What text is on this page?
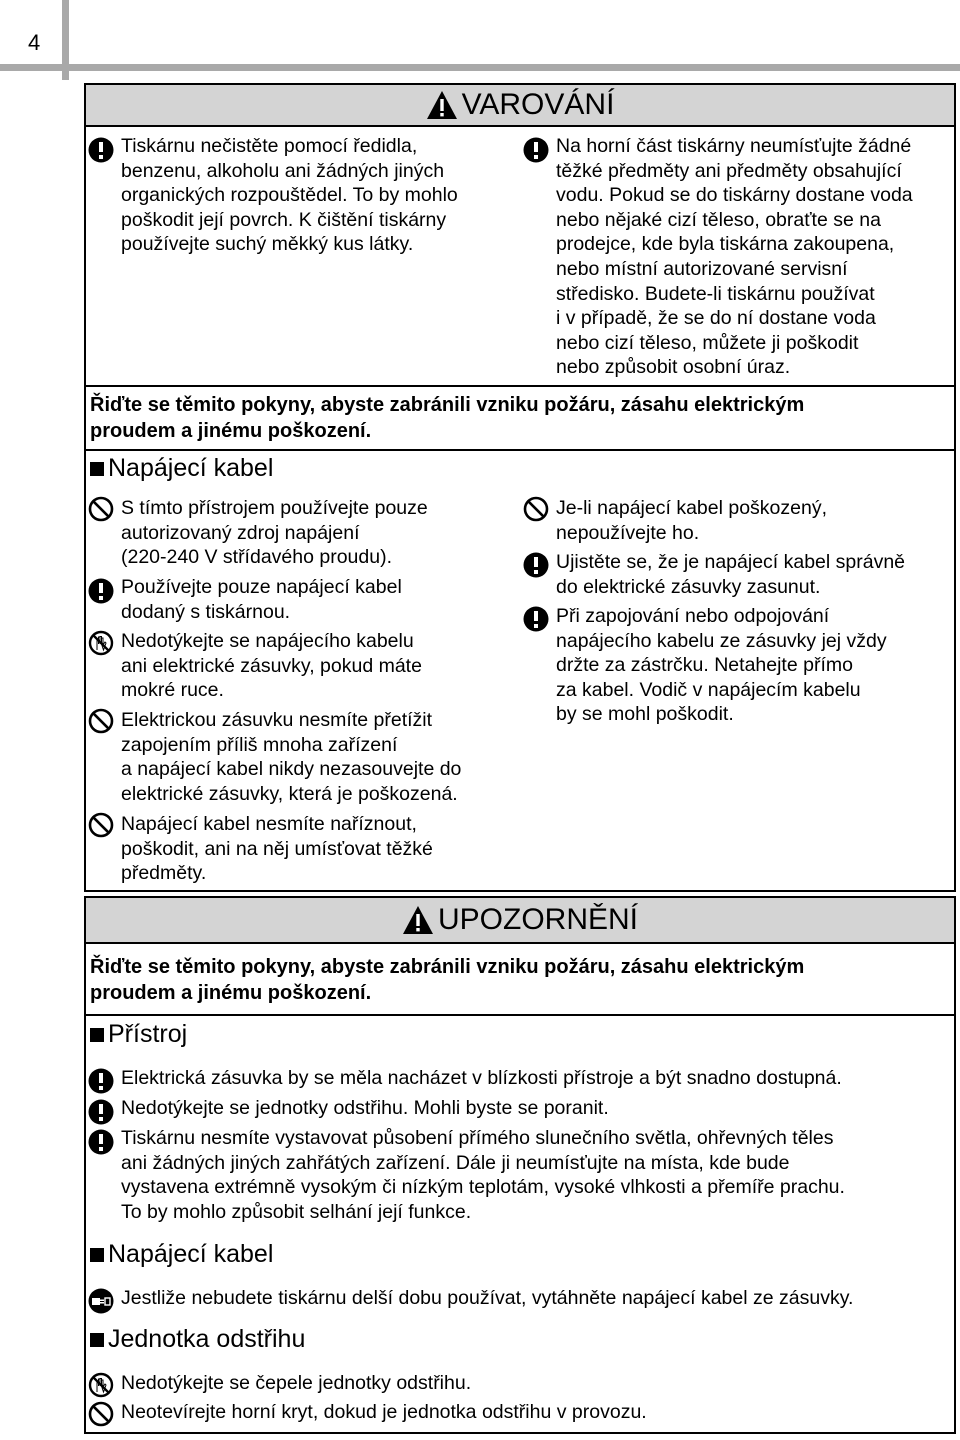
4
VAROVÁNÍ
Tiskárnu nečistěte pomocí ředidla,
benzenu, alkoholu ani žádných jiných
organických rozpouštědel. To by mohlo
poškodit její povrch. K čištění tiskárny
používejte suchý měkký kus látky.
Na horní část tiskárny neumísťujte žádné
těžké předměty ani předměty obsahující
vodu. Pokud se do tiskárny dostane voda
nebo nějaké cizí těleso, obraťte se na
prodejce, kde byla tiskárna zakoupena,
nebo místní autorizované servisní
středisko. Budete-li tiskárnu používat
i v případě, že se do ní dostane voda
nebo cizí těleso, můžete ji poškodit
nebo způsobit osobní úraz.
Řiďte se těmito pokyny, abyste zabránili vzniku požáru, zásahu elektrickým
proudem a jinému poškození.
Napájecí kabel
S tímto přístrojem používejte pouze
autorizovaný zdroj napájení
(220-240 V střídavého proudu).
Používejte pouze napájecí kabel
dodaný s tiskárnou.
Nedotýkejte se napájecího kabelu
ani elektrické zásuvky, pokud máte
mokré ruce.
Elektrickou zásuvku nesmíte přetížit
zapojením příliš mnoha zařízení
a napájecí kabel nikdy nezasouvejte do
elektrické zásuvky, která je poškozená.
Napájecí kabel nesmíte naříznout,
poškodit, ani na něj umísťovat těžké
předměty.
Je-li napájecí kabel poškozený,
nepoužívejte ho.
Ujistěte se, že je napájecí kabel správně
do elektrické zásuvky zasunut.
Při zapojování nebo odpojování
napájecího kabelu ze zásuvky jej vždy
držte za zástrčku. Netahejte přímo
za kabel. Vodič v napájecím kabelu
by se mohl poškodit.
UPOZORNĚNÍ
Řiďte se těmito pokyny, abyste zabránili vzniku požáru, zásahu elektrickým
proudem a jinému poškození.
Přístroj
Elektrická zásuvka by se měla nacházet v blízkosti přístroje a být snadno dostupná.
Nedotýkejte se jednotky odstřihu. Mohli byste se poranit.
Tiskárnu nesmíte vystavovat působení přímého slunečního světla, ohřevných těles
ani žádných jiných zahřátých zařízení. Dále ji neumísťujte na místa, kde bude
vystavena extrémně vysokým či nízkým teplotám, vysoké vlhkosti a přemíře prachu.
To by mohlo způsobit selhání její funkce.
Napájecí kabel
Jestliže nebudete tiskárnu delší dobu používat, vytáhněte napájecí kabel ze zásuvky.
Jednotka odstřihu
Nedotýkejte se čepele jednotky odstřihu.
Neotevírejte horní kryt, dokud je jednotka odstřihu v provozu.
